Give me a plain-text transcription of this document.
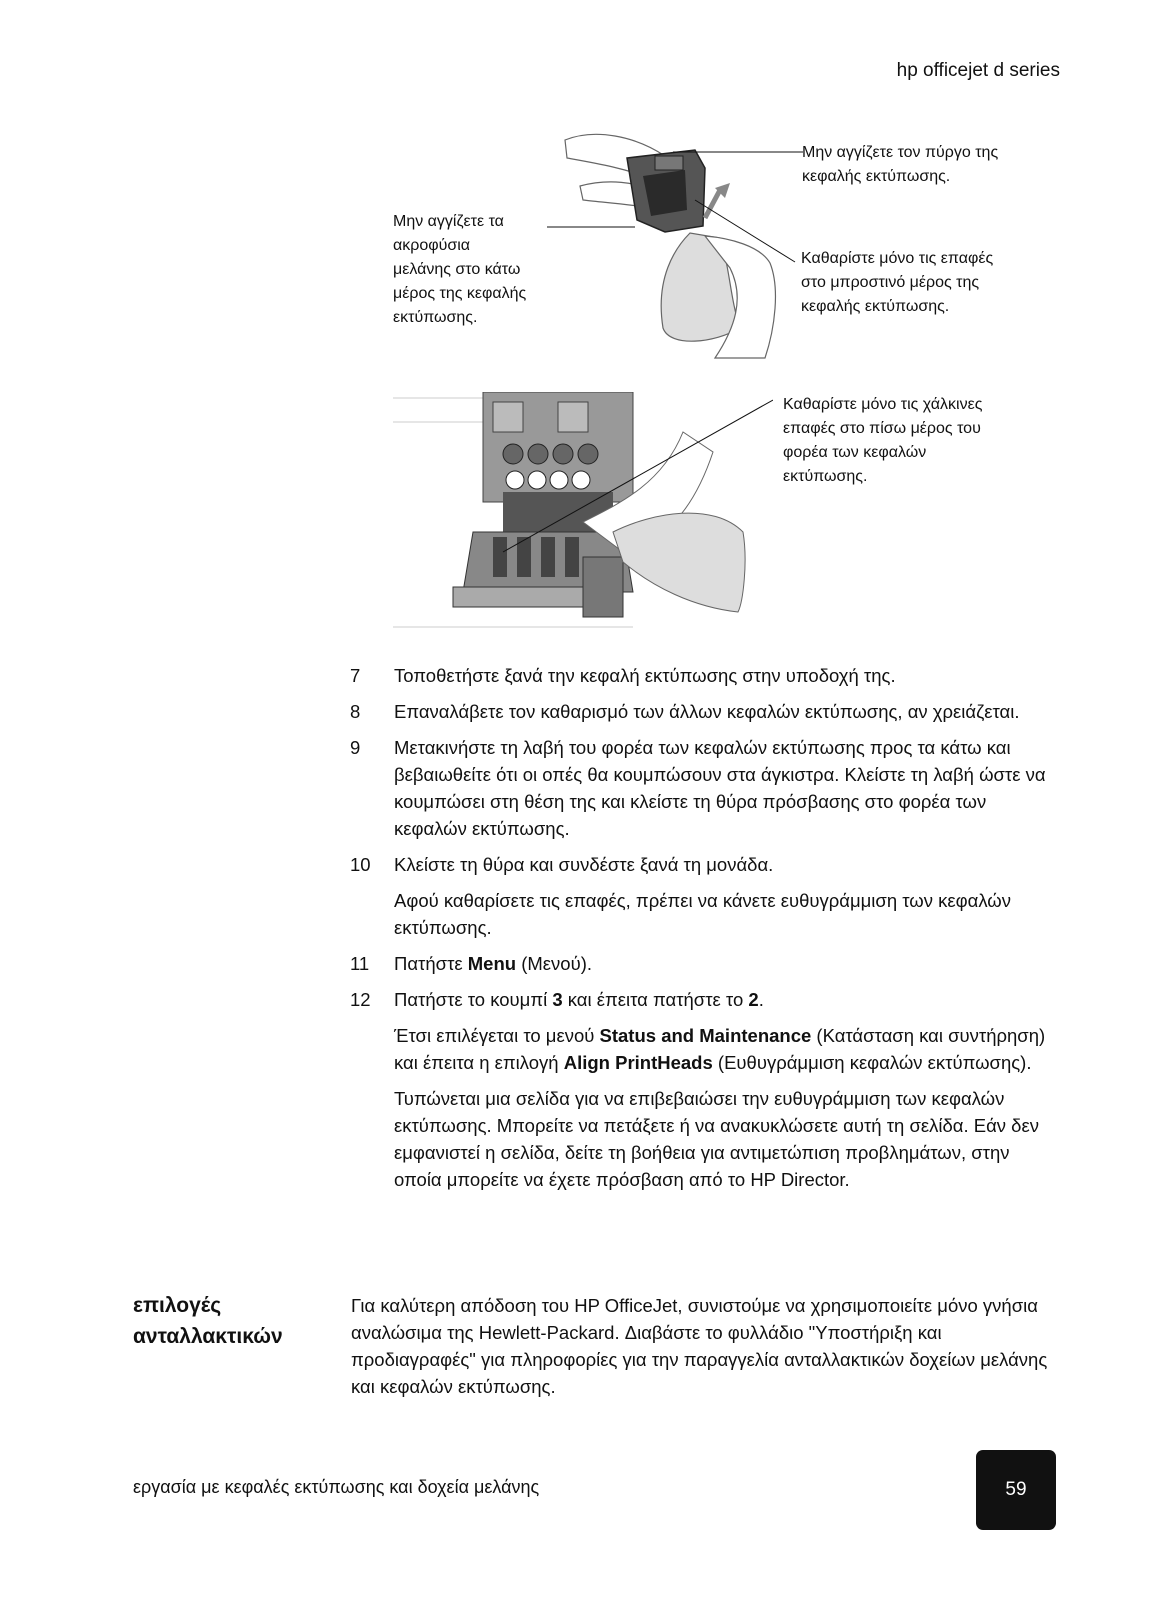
hp officejet d series
Μην αγγίζετε τον πύργο της
κεφαλής εκτύπωσης.
Μην αγγίζετε τα
ακροφύσια
μελάνης στο κάτω
μέρος της κεφαλής
εκτύπωσης.
Καθαρίστε μόνο τις επαφές
στο μπροστινό μέρος της
κεφαλής εκτύπωσης.
Καθαρίστε μόνο τις χάλκινες
επαφές στο πίσω μέρος του
φορέα των κεφαλών
εκτύπωσης.
7	Τοποθετήστε ξανά την κεφαλή εκτύπωσης στην υποδοχή της.
8	Επαναλάβετε τον καθαρισμό των άλλων κεφαλών εκτύπωσης, αν χρειάζεται.
9	Μετακινήστε τη λαβή του φορέα των κεφαλών εκτύπωσης προς τα κάτω και βεβαιωθείτε ότι οι οπές θα κουμπώσουν στα άγκιστρα. Κλείστε τη λαβή ώστε να κουμπώσει στη θέση της και κλείστε τη θύρα πρόσβασης στο φορέα των κεφαλών εκτύπωσης.
10	Κλείστε τη θύρα και συνδέστε ξανά τη μονάδα.
Αφού καθαρίσετε τις επαφές, πρέπει να κάνετε ευθυγράμμιση των κεφαλών εκτύπωσης.
11	Πατήστε Menu (Μενού).
12	Πατήστε το κουμπί 3 και έπειτα πατήστε το 2.
Έτσι επιλέγεται το μενού Status and Maintenance (Κατάσταση και συντήρηση) και έπειτα η επιλογή Align PrintHeads (Ευθυγράμμιση κεφαλών εκτύπωσης).
Τυπώνεται μια σελίδα για να επιβεβαιώσει την ευθυγράμμιση των κεφαλών εκτύπωσης. Μπορείτε να πετάξετε ή να ανακυκλώσετε αυτή τη σελίδα. Εάν δεν εμφανιστεί η σελίδα, δείτε τη βοήθεια για αντιμετώπιση προβλημάτων, στην οποία μπορείτε να έχετε πρόσβαση από το HP Director.
επιλογές
ανταλλακτικών
Για καλύτερη απόδοση του HP OfficeJet, συνιστούμε να χρησιμοποιείτε μόνο γνήσια αναλώσιμα της Hewlett-Packard. Διαβάστε το φυλλάδιο "Υποστήριξη και προδιαγραφές" για πληροφορίες για την παραγγελία ανταλλακτικών δοχείων μελάνης και κεφαλών εκτύπωσης.
εργασία με κεφαλές εκτύπωσης και δοχεία μελάνης	59
